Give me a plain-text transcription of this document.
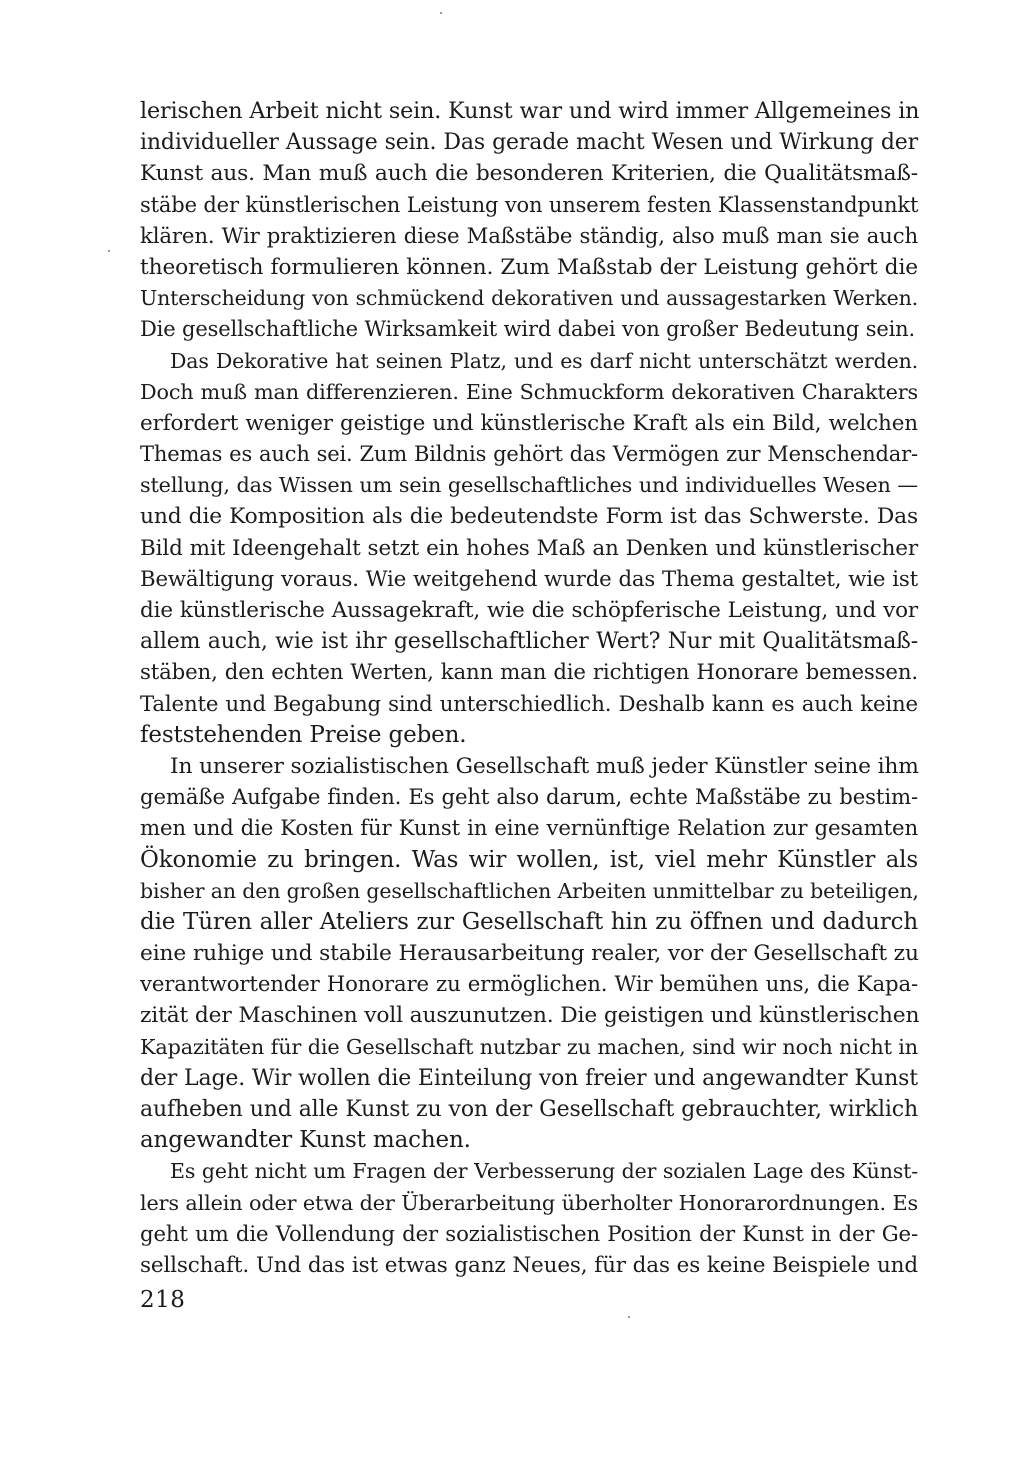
lerischen Arbeit nicht sein. Kunst war und wird immer Allgemeines in
individueller Aussage sein. Das gerade macht Wesen und Wirkung der
Kunst aus. Man muß auch die besonderen Kriterien, die Qualitätsmaß-
stäbe der künstlerischen Leistung von unserem festen Klassenstandpunkt
klären. Wir praktizieren diese Maßstäbe ständig, also muß man sie auch
theoretisch formulieren können. Zum Maßstab der Leistung gehört die
Unterscheidung von schmückend dekorativen und aussagestarken Werken.
Die gesellschaftliche Wirksamkeit wird dabei von großer Bedeutung sein.
Das Dekorative hat seinen Platz, und es darf nicht unterschätzt werden.
Doch muß man differenzieren. Eine Schmuckform dekorativen Charakters
erfordert weniger geistige und künstlerische Kraft als ein Bild, welchen
Themas es auch sei. Zum Bildnis gehört das Vermögen zur Menschendar-
stellung, das Wissen um sein gesellschaftliches und individuelles Wesen —
und die Komposition als die bedeutendste Form ist das Schwerste. Das
Bild mit Ideengehalt setzt ein hohes Maß an Denken und künstlerischer
Bewältigung voraus. Wie weitgehend wurde das Thema gestaltet, wie ist
die künstlerische Aussagekraft, wie die schöpferische Leistung, und vor
allem auch, wie ist ihr gesellschaftlicher Wert? Nur mit Qualitätsmaß-
stäben, den echten Werten, kann man die richtigen Honorare bemessen.
Talente und Begabung sind unterschiedlich. Deshalb kann es auch keine
feststehenden Preise geben.
In unserer sozialistischen Gesellschaft muß jeder Künstler seine ihm
gemäße Aufgabe finden. Es geht also darum, echte Maßstäbe zu bestim-
men und die Kosten für Kunst in eine vernünftige Relation zur gesamten
Ökonomie zu bringen. Was wir wollen, ist, viel mehr Künstler als
bisher an den großen gesellschaftlichen Arbeiten unmittelbar zu beteiligen,
die Türen aller Ateliers zur Gesellschaft hin zu öffnen und dadurch
eine ruhige und stabile Herausarbeitung realer, vor der Gesellschaft zu
verantwortender Honorare zu ermöglichen. Wir bemühen uns, die Kapa-
zität der Maschinen voll auszunutzen. Die geistigen und künstlerischen
Kapazitäten für die Gesellschaft nutzbar zu machen, sind wir noch nicht in
der Lage. Wir wollen die Einteilung von freier und angewandter Kunst
aufheben und alle Kunst zu von der Gesellschaft gebrauchter, wirklich
angewandter Kunst machen.
Es geht nicht um Fragen der Verbesserung der sozialen Lage des Künst-
lers allein oder etwa der Überarbeitung überholter Honorarordnungen. Es
geht um die Vollendung der sozialistischen Position der Kunst in der Ge-
sellschaft. Und das ist etwas ganz Neues, für das es keine Beispiele und
218
